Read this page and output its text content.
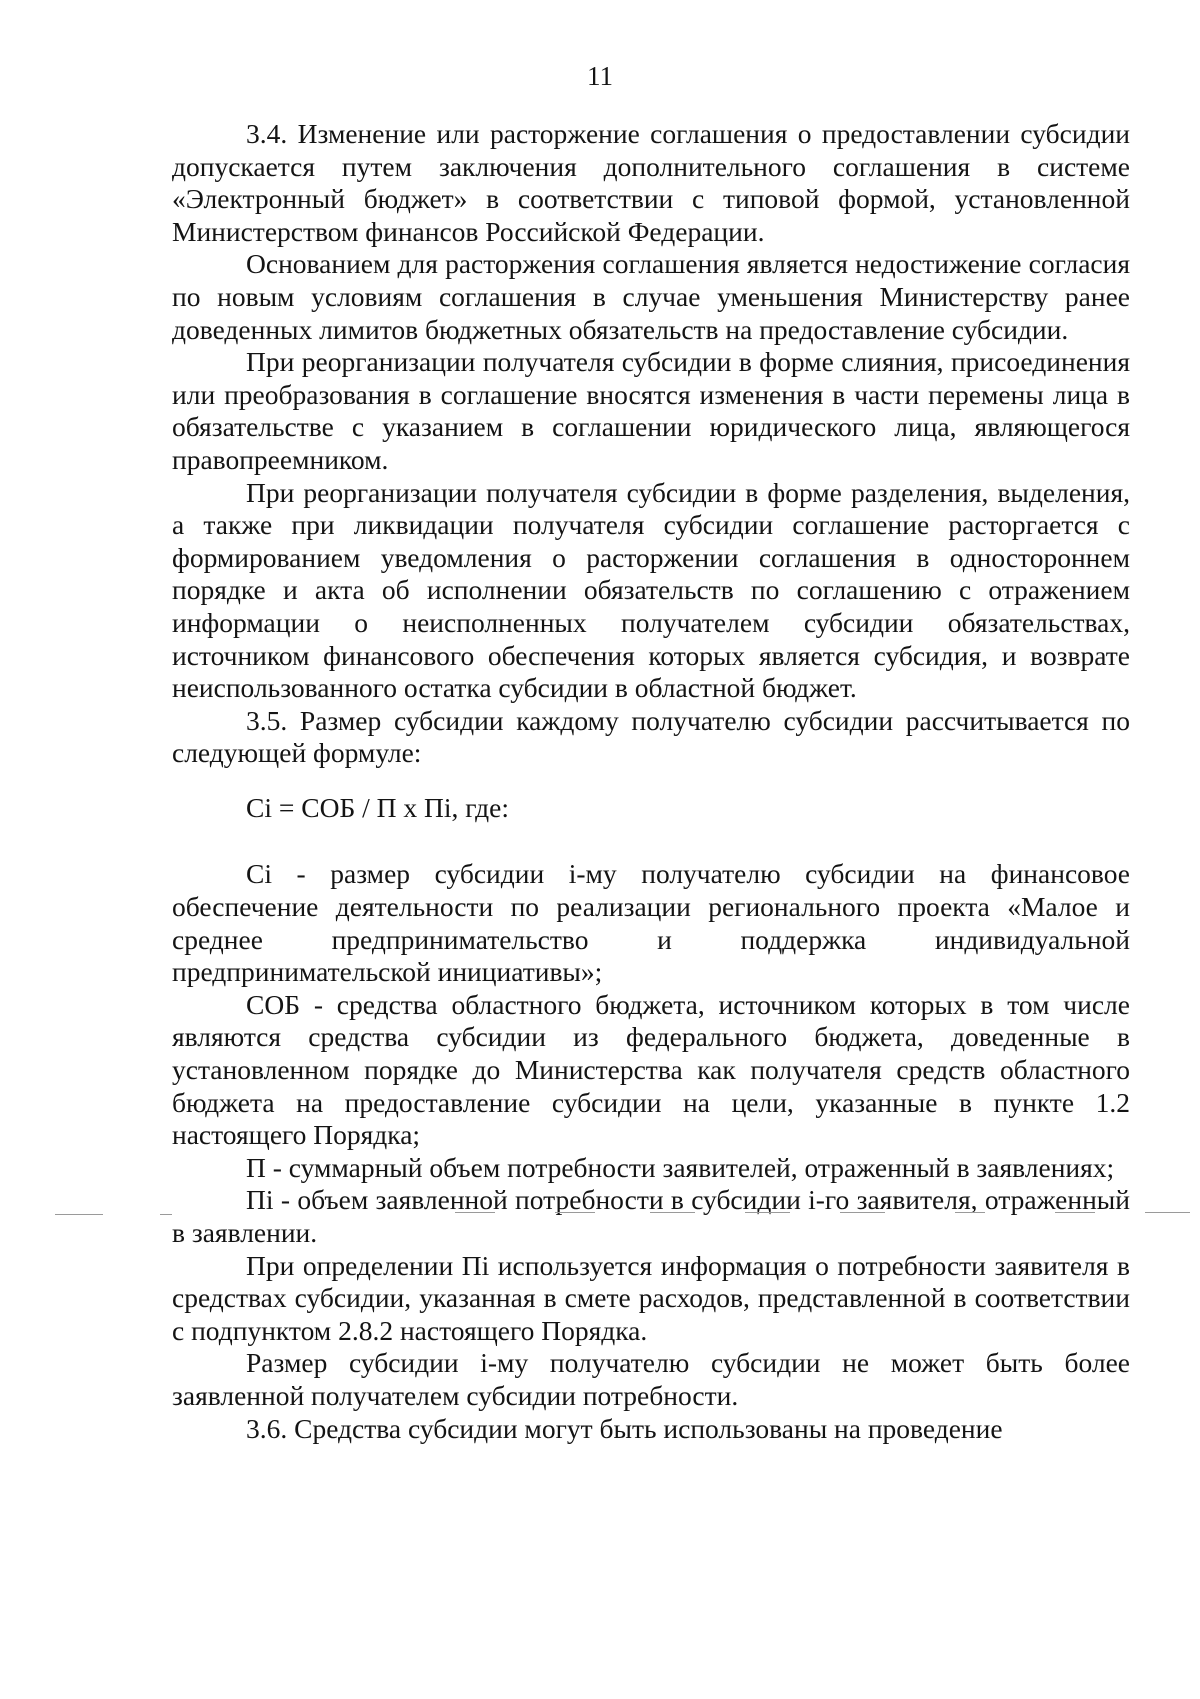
11

3.4. Изменение или расторжение соглашения о предоставлении субсидии допускается путем заключения дополнительного соглашения в системе «Электронный бюджет» в соответствии с типовой формой, установленной Министерством финансов Российской Федерации.

Основанием для расторжения соглашения является недостижение согласия по новым условиям соглашения в случае уменьшения Министерству ранее доведенных лимитов бюджетных обязательств на предоставление субсидии.

При реорганизации получателя субсидии в форме слияния, присоединения или преобразования в соглашение вносятся изменения в части перемены лица в обязательстве с указанием в соглашении юридического лица, являющегося правопреемником.

При реорганизации получателя субсидии в форме разделения, выделения, а также при ликвидации получателя субсидии соглашение расторгается с формированием уведомления о расторжении соглашения в одностороннем порядке и акта об исполнении обязательств по соглашению с отражением информации о неисполненных получателем субсидии обязательствах, источником финансового обеспечения которых является субсидия, и возврате неиспользованного остатка субсидии в областной бюджет.

3.5. Размер субсидии каждому получателю субсидии рассчитывается по следующей формуле:

Ci = СОБ / П х Пi, где:

Ci - размер субсидии i-му получателю субсидии на финансовое обеспечение деятельности по реализации регионального проекта «Малое и среднее предпринимательство и поддержка индивидуальной предпринимательской инициативы»;

СОБ - средства областного бюджета, источником которых в том числе являются средства субсидии из федерального бюджета, доведенные в установленном порядке до Министерства как получателя средств областного бюджета на предоставление субсидии на цели, указанные в пункте 1.2 настоящего Порядка;

П - суммарный объем потребности заявителей, отраженный в заявлениях;

Пi - объем заявленной потребности в субсидии i-го заявителя, отраженный в заявлении.

При определении Пi используется информация о потребности заявителя в средствах субсидии, указанная в смете расходов, представленной в соответствии с подпунктом 2.8.2 настоящего Порядка.

Размер субсидии i-му получателю субсидии не может быть более заявленной получателем субсидии потребности.

3.6. Средства субсидии могут быть использованы на проведение
